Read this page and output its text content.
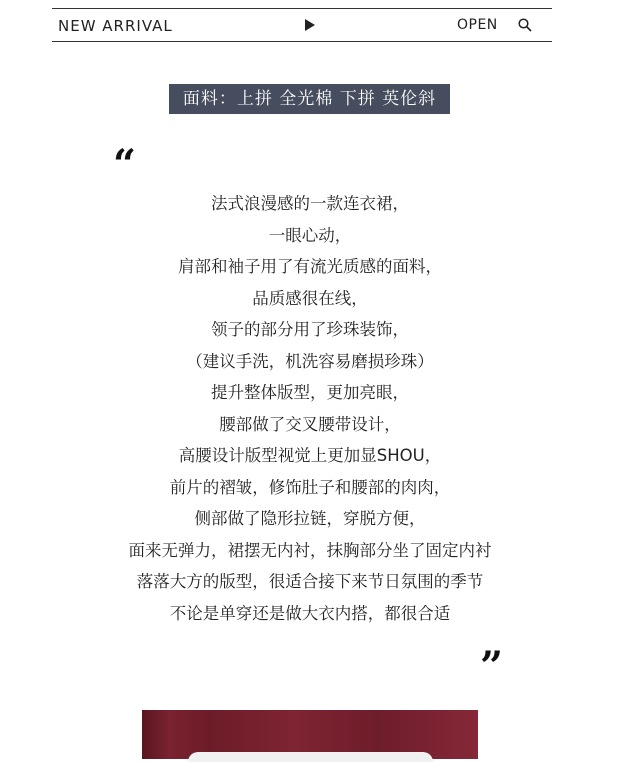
NEW ARRIVAL	OPEN
面料：上拼 全光棉 下拼 英伦斜
“
法式浪漫感的一款连衣裙，
一眼心动，
肩部和袖子用了有流光质感的面料，
品质感很在线，
领子的部分用了珍珠装饰，
（建议手洗，机洗容易磨损珍珠）
提升整体版型，更加亮眼，
腰部做了交叉腰带设计，
高腰设计版型视觉上更加显SHOU，
前片的褶皱，修饰肚子和腰部的肉肉，
侧部做了隐形拉链，穿脱方便，
面来无弹力，裙摆无内衬，抹胸部分坐了固定内衬
落落大方的版型，很适合接下来节日氛围的季节
不论是单穿还是做大衣内搭，都很合适
”
